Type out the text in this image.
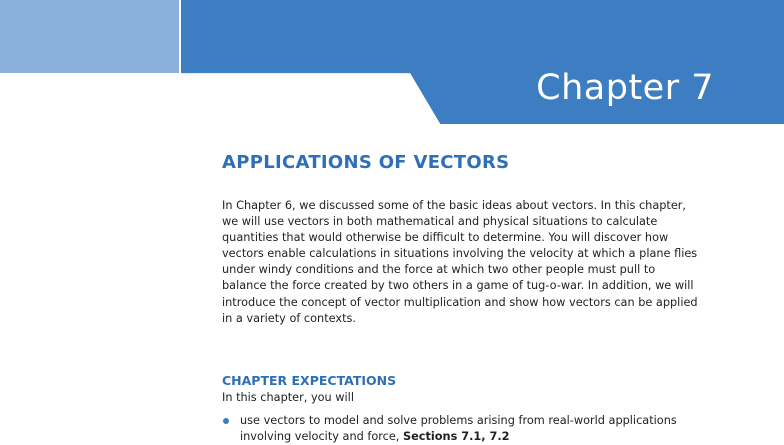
Chapter 7
APPLICATIONS OF VECTORS

In Chapter 6, we discussed some of the basic ideas about vectors. In this chapter, we will use vectors in both mathematical and physical situations to calculate quantities that would otherwise be difficult to determine. You will discover how vectors enable calculations in situations involving the velocity at which a plane flies under windy conditions and the force at which two other people must pull to balance the force created by two others in a game of tug-o-war. In addition, we will introduce the concept of vector multiplication and show how vectors can be applied in a variety of contexts.

CHAPTER EXPECTATIONS

In this chapter, you will

use vectors to model and solve problems arising from real-world applications involving velocity and force, Sections 7.1, 7.2
